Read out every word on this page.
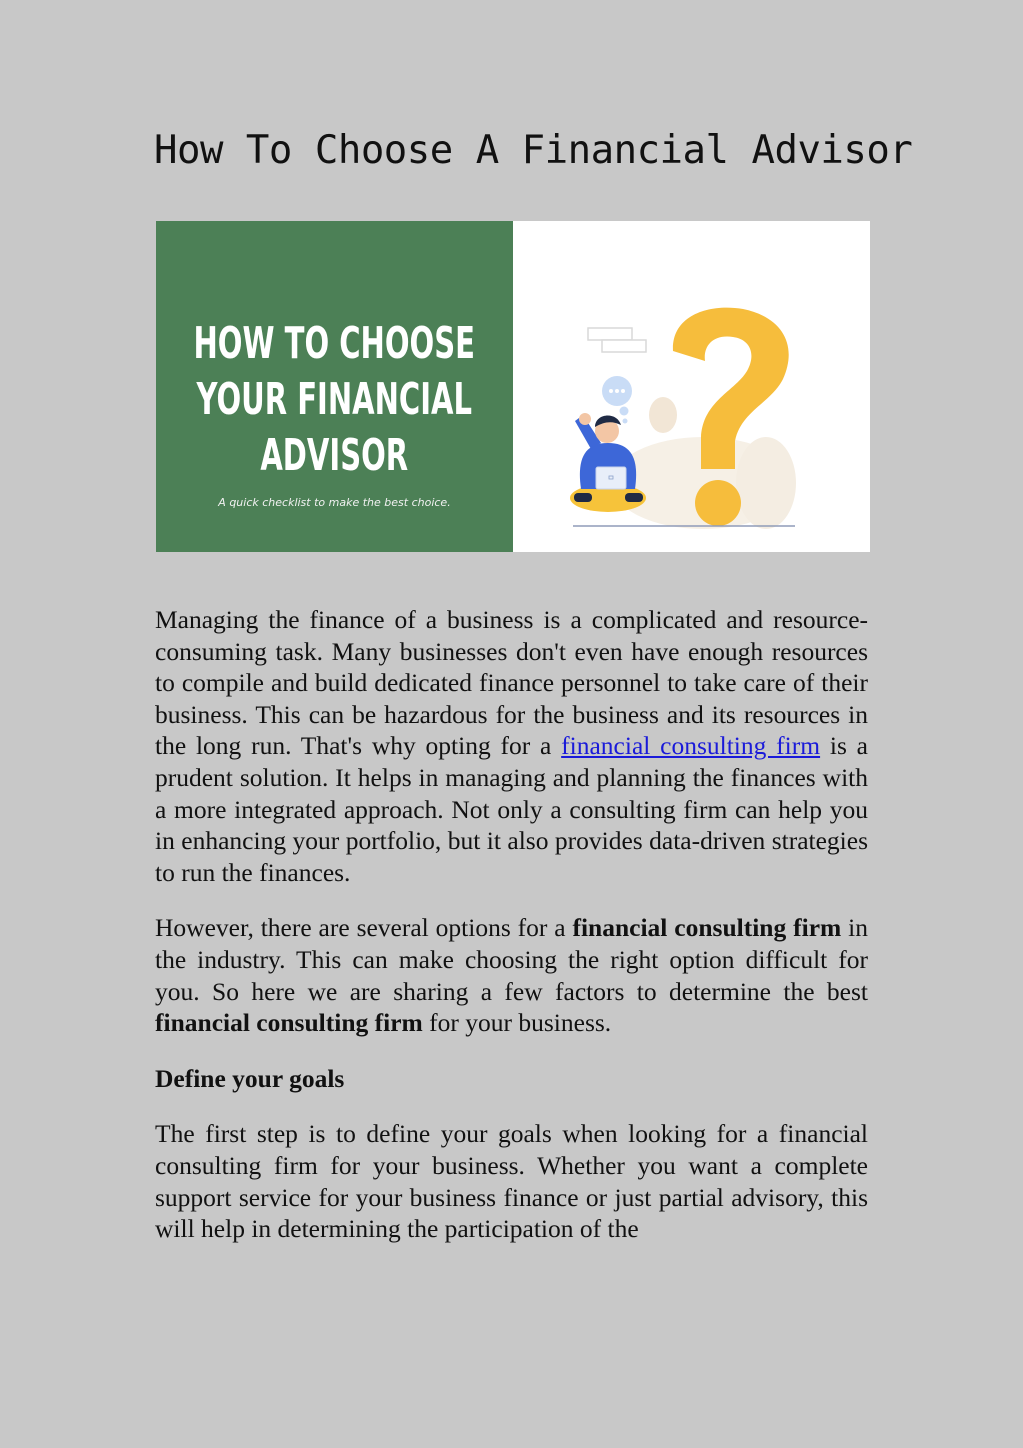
How To Choose A Financial Advisor
HOW TO CHOOSE
YOUR FINANCIAL
ADVISOR
A quick checklist to make the best choice.

Managing the finance of a business is a complicated and resource-consuming task. Many businesses don't even have enough resources to compile and build dedicated finance personnel to take care of their business. This can be hazardous for the business and its resources in the long run. That's why opting for a financial consulting firm is a prudent solution. It helps in managing and planning the finances with a more integrated approach. Not only a consulting firm can help you in enhancing your portfolio, but it also provides data-driven strategies to run the finances.

However, there are several options for a financial consulting firm in the industry. This can make choosing the right option difficult for you. So here we are sharing a few factors to determine the best financial consulting firm for your business.

Define your goals

The first step is to define your goals when looking for a financial consulting firm for your business. Whether you want a complete support service for your business finance or just partial advisory, this will help in determining the participation of the
